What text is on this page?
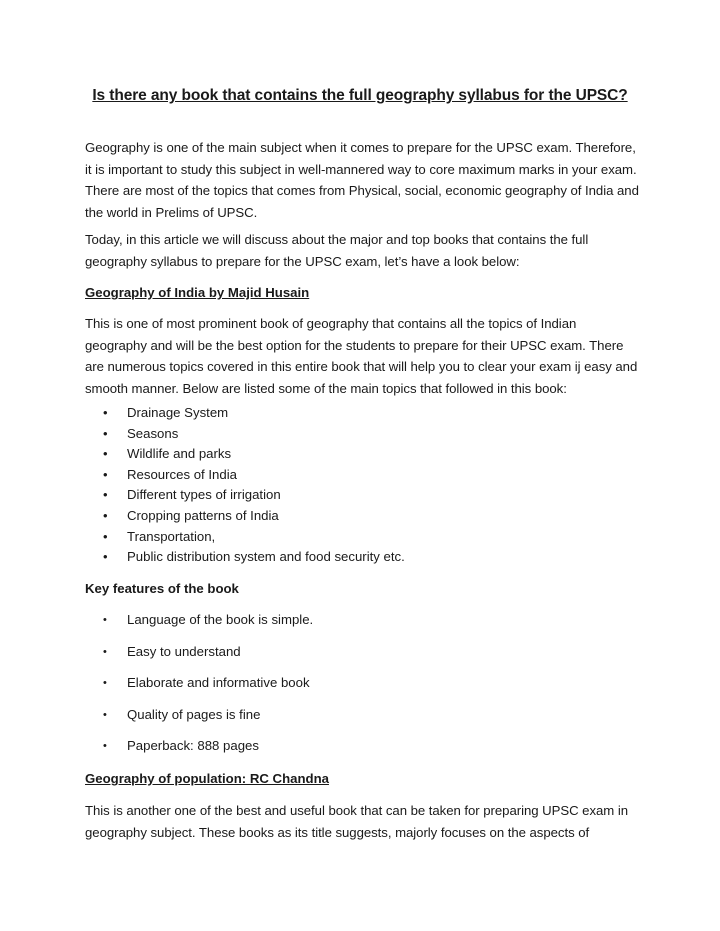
Is there any book that contains the full geography syllabus for the UPSC?

Geography is one of the main subject when it comes to prepare for the UPSC exam. Therefore, it is important to study this subject in well-mannered way to core maximum marks in your exam. There are most of the topics that comes from Physical, social, economic geography of India and the world in Prelims of UPSC.

Today, in this article we will discuss about the major and top books that contains the full geography syllabus to prepare for the UPSC exam, let’s have a look below:

Geography of India by Majid Husain

This is one of most prominent book of geography that contains all the topics of Indian geography and will be the best option for the students to prepare for their UPSC exam. There are numerous topics covered in this entire book that will help you to clear your exam ij easy and smooth manner. Below are listed some of the main topics that followed in this book:

• Drainage System
• Seasons
• Wildlife and parks
• Resources of India
• Different types of irrigation
• Cropping patterns of India
• Transportation,
• Public distribution system and food security etc.
Key features of the book
• Language of the book is simple.
• Easy to understand
• Elaborate and informative book
• Quality of pages is fine
• Paperback: 888 pages
Geography of population: RC Chandna

This is another one of the best and useful book that can be taken for preparing UPSC exam in geography subject. These books as its title suggests, majorly focuses on the aspects of
